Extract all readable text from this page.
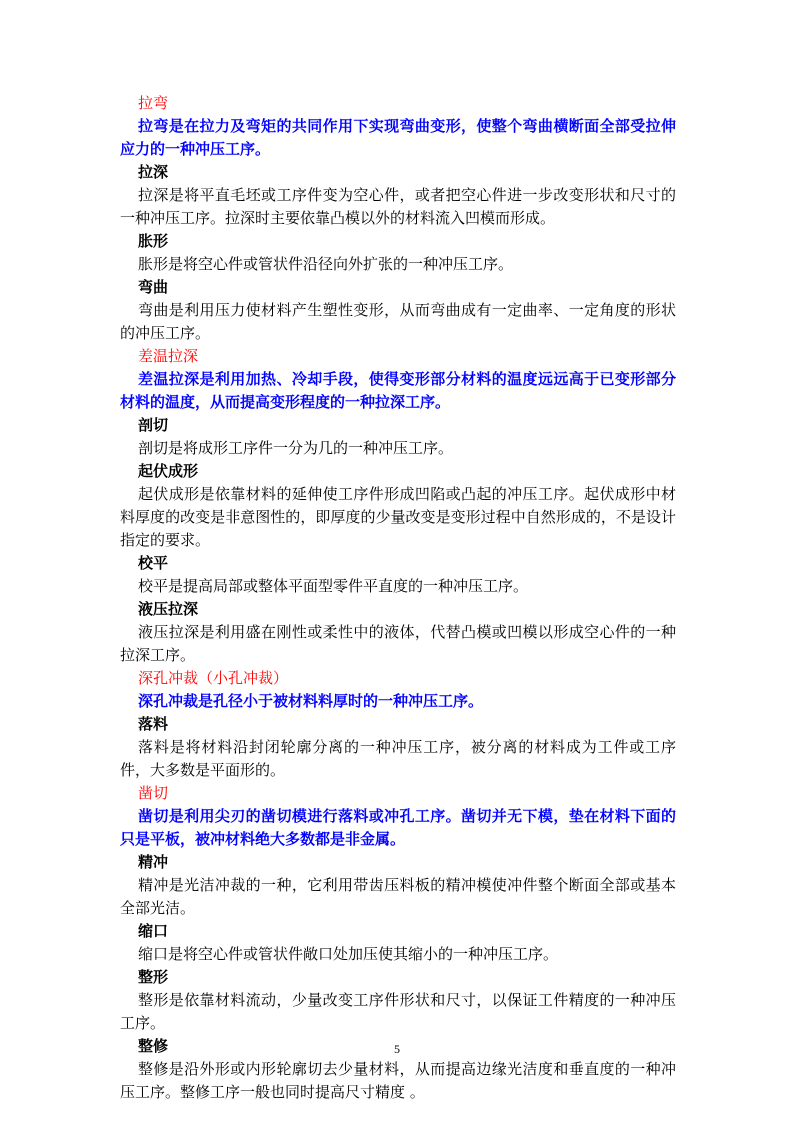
拉弯
拉弯是在拉力及弯矩的共同作用下实现弯曲变形，使整个弯曲横断面全部受拉伸应力的一种冲压工序。
拉深
拉深是将平直毛坯或工序件变为空心件，或者把空心件进一步改变形状和尺寸的一种冲压工序。拉深时主要依靠凸模以外的材料流入凹模而形成。
胀形
胀形是将空心件或管状件沿径向外扩张的一种冲压工序。
弯曲
弯曲是利用压力使材料产生塑性变形，从而弯曲成有一定曲率、一定角度的形状的冲压工序。
差温拉深
差温拉深是利用加热、冷却手段，使得变形部分材料的温度远远高于已变形部分材料的温度，从而提高变形程度的一种拉深工序。
剖切
剖切是将成形工序件一分为几的一种冲压工序。
起伏成形
起伏成形是依靠材料的延伸使工序件形成凹陷或凸起的冲压工序。起伏成形中材料厚度的改变是非意图性的，即厚度的少量改变是变形过程中自然形成的，不是设计指定的要求。
校平
校平是提高局部或整体平面型零件平直度的一种冲压工序。
液压拉深
液压拉深是利用盛在刚性或柔性中的液体，代替凸模或凹模以形成空心件的一种拉深工序。
深孔冲裁（小孔冲裁）
深孔冲裁是孔径小于被材料料厚时的一种冲压工序。
落料
落料是将材料沿封闭轮廓分离的一种冲压工序，被分离的材料成为工件或工序件，大多数是平面形的。
凿切
凿切是利用尖刃的凿切模进行落料或冲孔工序。凿切并无下模，垫在材料下面的只是平板，被冲材料绝大多数都是非金属。
精冲
精冲是光洁冲裁的一种，它利用带齿压料板的精冲模使冲件整个断面全部或基本全部光洁。
缩口
缩口是将空心件或管状件敞口处加压使其缩小的一种冲压工序。
整形
整形是依靠材料流动，少量改变工序件形状和尺寸，以保证工件精度的一种冲压工序。
整修
整修是沿外形或内形轮廓切去少量材料，从而提高边缘光洁度和垂直度的一种冲压工序。整修工序一般也同时提高尺寸精度 。
5
